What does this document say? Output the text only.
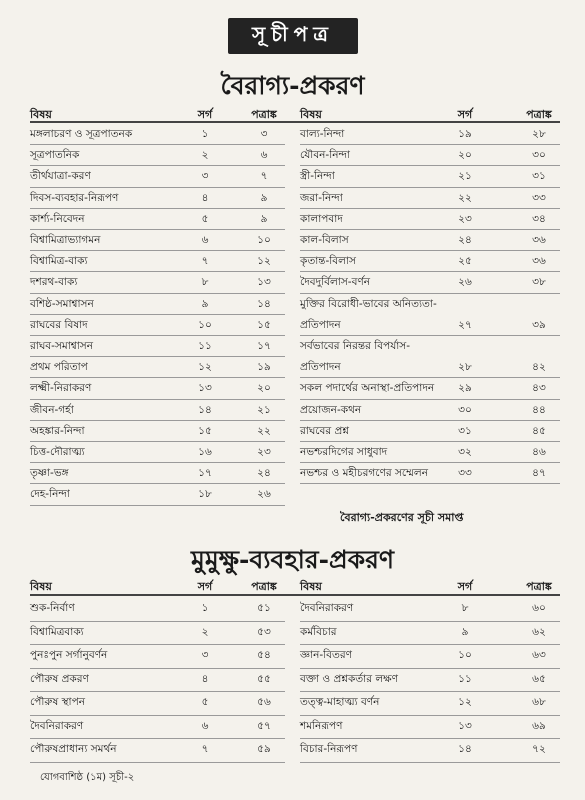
সূচীপত্র
বৈরাগ্য-প্রকরণ
বিষয়	সর্গ	পত্রাঙ্ক	বিষয়	সর্গ	পত্রাঙ্ক
মঙ্গলাচরণ ও সূত্রপাতনক	১	৩
সূত্রপাতনিক	২	৬
তীর্থযাত্রা-করণ	৩	৭
দিবস-ব্যবহার-নিরূপণ	৪	৯
কার্শ্য-নিবেদন	৫	৯
বিশ্বামিত্রাভ্যাগমন	৬	১০
বিশ্বামিত্র-বাক্য	৭	১২
দশরথ-বাক্য	৮	১৩
বশিষ্ঠ-সমাশ্বাসন	৯	১৪
রাঘবের বিষাদ	১০	১৫
রাঘব-সমাশ্বাসন	১১	১৭
প্রথম পরিতাপ	১২	১৯
লক্ষ্মী-নিরাকরণ	১৩	২০
জীবন-গর্হা	১৪	২১
অহঙ্কার-নিন্দা	১৫	২২
চিত্ত-দৌরাত্ম্য	১৬	২৩
তৃষ্ণা-ভঙ্গ	১৭	২৪
দেহ-নিন্দা	১৮	২৬
বাল্য-নিন্দা	১৯	২৮
যৌবন-নিন্দা	২০	৩০
স্ত্রী-নিন্দা	২১	৩১
জরা-নিন্দা	২২	৩৩
কালাপবাদ	২৩	৩৪
কাল-বিলাস	২৪	৩৬
কৃতান্ত-বিলাস	২৫	৩৬
দৈবদুর্বিলাস-বর্ণন	২৬	৩৮
মুক্তির বিরোধী-ভাবের অনিত্যতা-
প্রতিপাদন	২৭	৩৯
সর্বভাবের নিরন্তর বিপর্যাস-
প্রতিপাদন	২৮	৪২
সকল পদার্থের অনাস্থা-প্রতিপাদন	২৯	৪৩
প্রয়োজন-কথন	৩০	৪৪
রাঘবের প্রশ্ন	৩১	৪৫
নভশ্চরদিগের সাধুবাদ	৩২	৪৬
নভশ্চর ও মহীচরগণের সম্মেলন	৩৩	৪৭
বৈরাগ্য-প্রকরণের সূচী সমাপ্ত
মুমুক্ষু-ব্যবহার-প্রকরণ
বিষয়	সর্গ	পত্রাঙ্ক	বিষয়	সর্গ	পত্রাঙ্ক
শুক-নির্বাণ	১	৫১
বিশ্বামিত্রবাক্য	২	৫৩
পুনঃপুন সর্গানুবর্ণন	৩	৫৪
পৌরুষ প্রকরণ	৪	৫৫
পৌরুষ স্থাপন	৫	৫৬
দৈবনিরাকরণ	৬	৫৭
পৌরুষপ্রাধান্য সমর্থন	৭	৫৯
দৈবনিরাকরণ	৮	৬০
কর্মবিচার	৯	৬২
জ্ঞান-বিতরণ	১০	৬৩
বক্তা ও প্রশ্নকর্তার লক্ষণ	১১	৬৫
তত্ত্ব-মাহাত্ম্য বর্ণন	১২	৬৮
শমনিরূপণ	১৩	৬৯
বিচার-নিরূপণ	১৪	৭২
যোগবাশিষ্ঠ (১ম) সূচী-২
